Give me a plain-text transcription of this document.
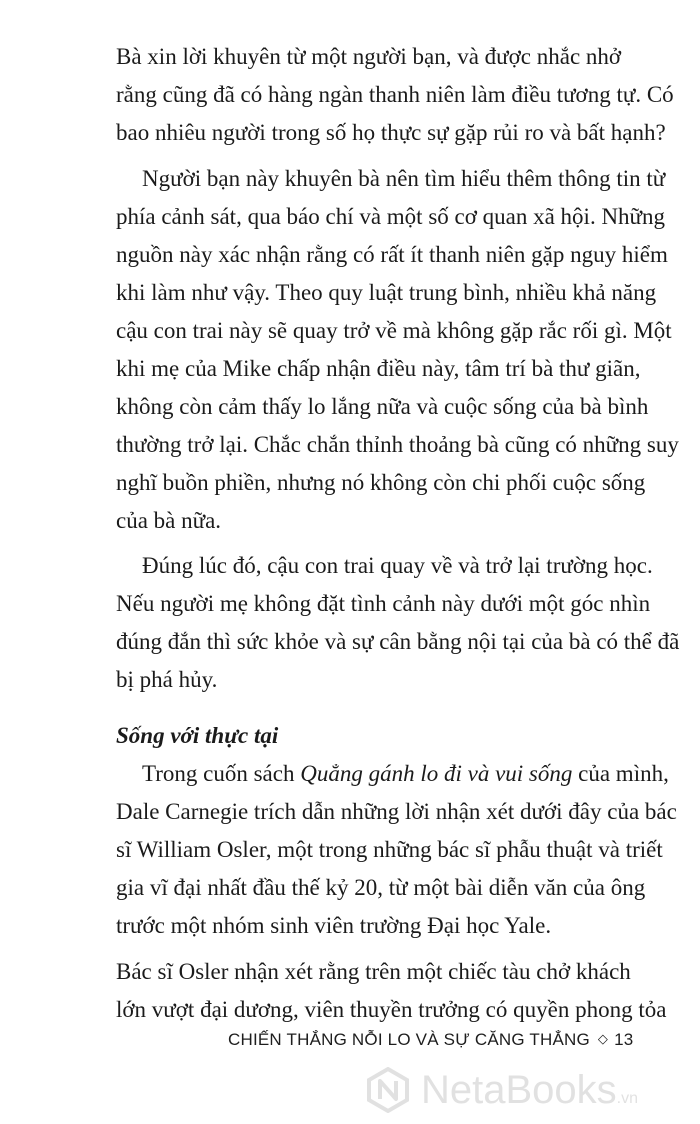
Bà xin lời khuyên từ một người bạn, và được nhắc nhở

rằng cũng đã có hàng ngàn thanh niên làm điều tương tự. Có

bao nhiêu người trong số họ thực sự gặp rủi ro và bất hạnh?

Người bạn này khuyên bà nên tìm hiểu thêm thông tin từ

phía cảnh sát, qua báo chí và một số cơ quan xã hội. Những

nguồn này xác nhận rằng có rất ít thanh niên gặp nguy hiểm

khi làm như vậy. Theo quy luật trung bình, nhiều khả năng

cậu con trai này sẽ quay trở về mà không gặp rắc rối gì. Một

khi mẹ của Mike chấp nhận điều này, tâm trí bà thư giãn,

không còn cảm thấy lo lắng nữa và cuộc sống của bà bình

thường trở lại. Chắc chắn thỉnh thoảng bà cũng có những suy

nghĩ buồn phiền, nhưng nó không còn chi phối cuộc sống

của bà nữa.

Đúng lúc đó, cậu con trai quay về và trở lại trường học.

Nếu người mẹ không đặt tình cảnh này dưới một góc nhìn

đúng đắn thì sức khỏe và sự cân bằng nội tại của bà có thể đã

bị phá hủy.

Sống với thực tại

Trong cuốn sách Quẳng gánh lo đi và vui sống của mình,

Dale Carnegie trích dẫn những lời nhận xét dưới đây của bác

sĩ William Osler, một trong những bác sĩ phẫu thuật và triết

gia vĩ đại nhất đầu thế kỷ 20, từ một bài diễn văn của ông

trước một nhóm sinh viên trường Đại học Yale.

Bác sĩ Osler nhận xét rằng trên một chiếc tàu chở khách

lớn vượt đại dương, viên thuyền trưởng có quyền phong tỏa

CHIẾN THẮNG NỖI LO VÀ SỰ CĂNG THẲNG ◇ 13
NetaBooks.vn
